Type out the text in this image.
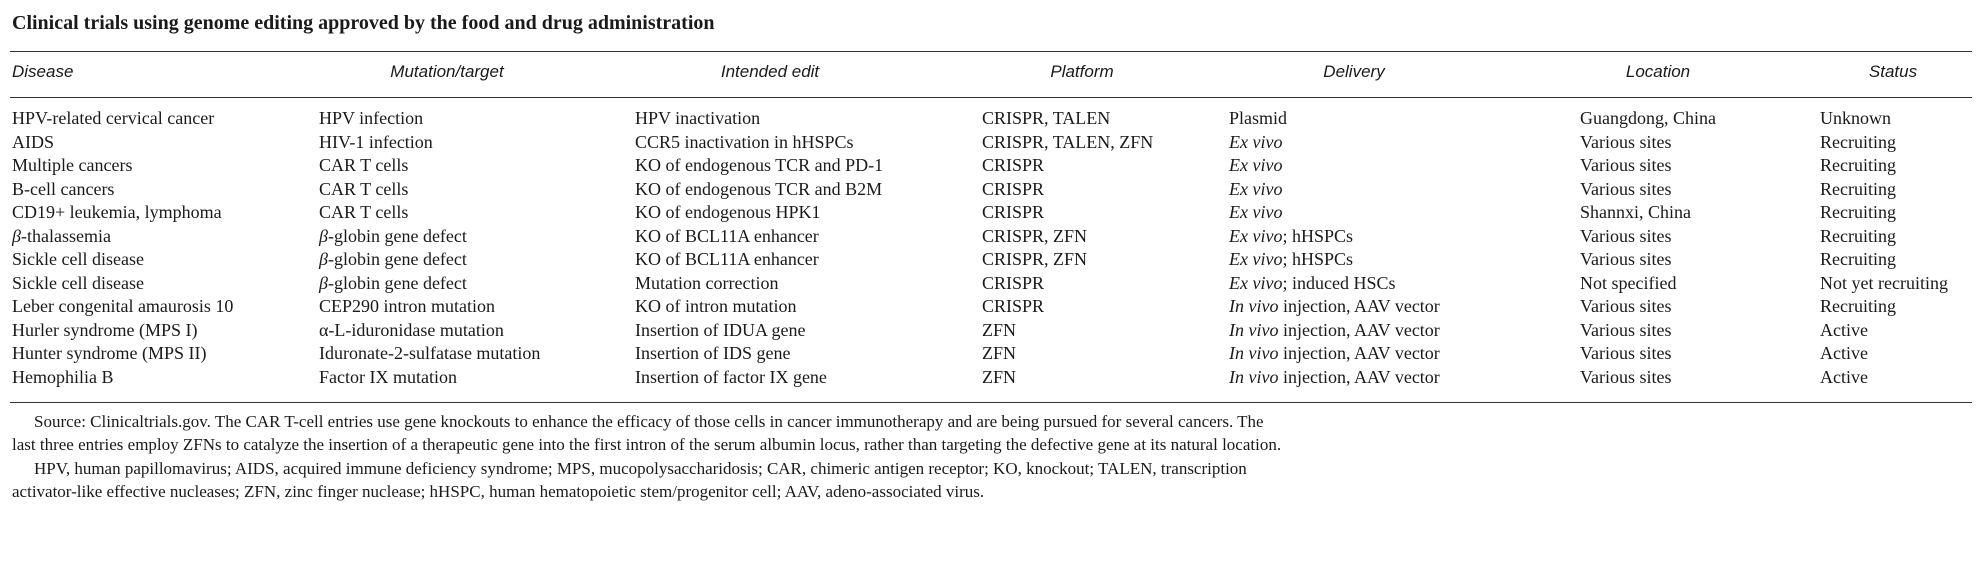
Clinical trials using genome editing approved by the food and drug administration
Disease	Mutation/target	Intended edit	Platform	Delivery	Location	Status
HPV-related cervical cancer	HPV infection	HPV inactivation	CRISPR, TALEN	Plasmid	Guangdong, China	Unknown
AIDS	HIV-1 infection	CCR5 inactivation in hHSPCs	CRISPR, TALEN, ZFN	Ex vivo	Various sites	Recruiting
Multiple cancers	CAR T cells	KO of endogenous TCR and PD-1	CRISPR	Ex vivo	Various sites	Recruiting
B-cell cancers	CAR T cells	KO of endogenous TCR and B2M	CRISPR	Ex vivo	Various sites	Recruiting
CD19+ leukemia, lymphoma	CAR T cells	KO of endogenous HPK1	CRISPR	Ex vivo	Shannxi, China	Recruiting
β-thalassemia	β-globin gene defect	KO of BCL11A enhancer	CRISPR, ZFN	Ex vivo; hHSPCs	Various sites	Recruiting
Sickle cell disease	β-globin gene defect	KO of BCL11A enhancer	CRISPR, ZFN	Ex vivo; hHSPCs	Various sites	Recruiting
Sickle cell disease	β-globin gene defect	Mutation correction	CRISPR	Ex vivo; induced HSCs	Not specified	Not yet recruiting
Leber congenital amaurosis 10	CEP290 intron mutation	KO of intron mutation	CRISPR	In vivo injection, AAV vector	Various sites	Recruiting
Hurler syndrome (MPS I)	α-L-iduronidase mutation	Insertion of IDUA gene	ZFN	In vivo injection, AAV vector	Various sites	Active
Hunter syndrome (MPS II)	Iduronate-2-sulfatase mutation	Insertion of IDS gene	ZFN	In vivo injection, AAV vector	Various sites	Active
Hemophilia B	Factor IX mutation	Insertion of factor IX gene	ZFN	In vivo injection, AAV vector	Various sites	Active

Source: Clinicaltrials.gov. The CAR T-cell entries use gene knockouts to enhance the efficacy of those cells in cancer immunotherapy and are being pursued for several cancers. The last three entries employ ZFNs to catalyze the insertion of a therapeutic gene into the first intron of the serum albumin locus, rather than targeting the defective gene at its natural location.

HPV, human papillomavirus; AIDS, acquired immune deficiency syndrome; MPS, mucopolysaccharidosis; CAR, chimeric antigen receptor; KO, knockout; TALEN, transcription activator-like effective nucleases; ZFN, zinc finger nuclease; hHSPC, human hematopoietic stem/progenitor cell; AAV, adeno-associated virus.
